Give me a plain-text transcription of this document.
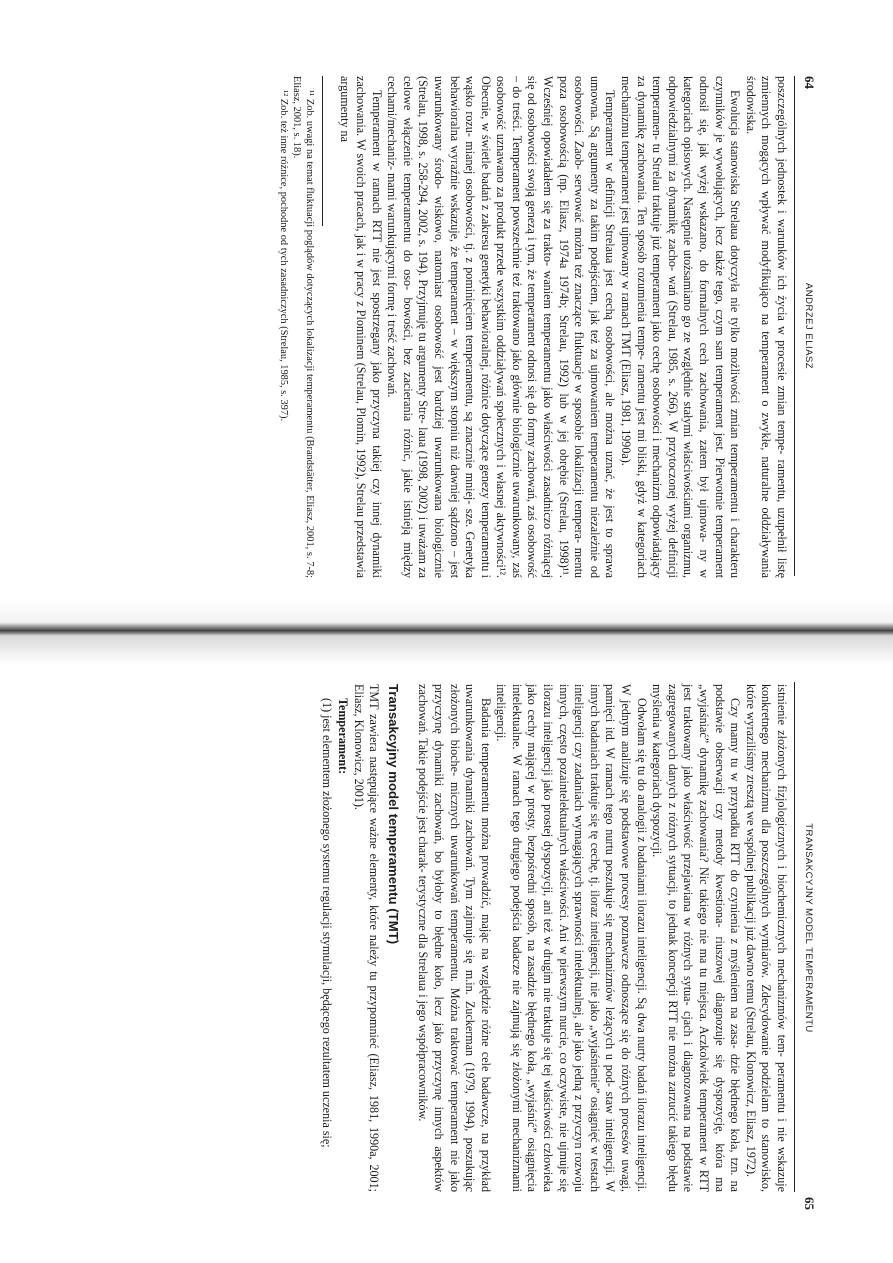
64
ANDRZEJ ELIASZ

poszczególnych jednostek i warunków ich życia w procesie zmian tempe- ramentu, uzupełnił listę zmiennych mogących wpływać modyfikująco na temperament o zwykłe, naturalne oddziaływania środowiska.

Ewolucja stanowiska Strelaua dotyczyła nie tylko możliwości zmian temperamentu i charakteru czynników je wywołujących, lecz także tego, czym sam temperament jest. Pierwotnie temperament odnosił się, jak wyżej wskazano, do formalnych cech zachowania, zatem był ujmowa- ny w kategoriach opisowych. Następnie utożsamiano go ze względnie stałymi właściwościami organizmu, odpowiedzialnymi za dynamikę zacho- wań (Strelau, 1985, s. 266). W przytoczonej wyżej definicji temperamen- tu Strelau traktuje już temperament jako cechę osobowości i mechanizm odpowiadający za dynamikę zachowania. Ten sposób rozumienia tempe- ramentu jest mi bliski, gdyż w kategoriach mechanizmu temperament jest ujmowany w ramach TMT (Eliasz, 1981, 1990a).

Temperament w definicji Strelaua jest cechą osobowości, ale można uznać, że jest to sprawa umowna. Są argumenty za takim podejściem, jak też za ujmowaniem temperamentu niezależnie od osobowości. Zaob- serwować można też znaczące fluktuacje w sposobie lokalizacji tempera- mentu poza osobowością (np. Eliasz, 1974a 1974b; Strelau, 1992) lub w jej obrębie (Strelau, 1998)¹¹. Wcześniej opowiadałem się za trakto- waniem temperamentu jako właściwości zasadniczo różniącej się od osobowości swoją genezą i tym, że temperament odnosi się do formy zachowań, zaś osobowość – do treści. Temperament powszechnie też traktowano jako głównie biologicznie uwarunkowany, zaś osobowość uznawano za produkt przede wszystkim oddziaływań społecznych i własnej aktywności¹². Obecnie, w świetle badań z zakresu genetyki behawioralnej, różnice dotyczące genezy temperamentu i wąsko rozu- mianej osobowości, tj. z pominięciem temperamentu, są znacznie mniej- sze. Genetyka behawioralna wyraźnie wskazuje, że temperament – w większym stopniu niż dawniej sądzono – jest uwarunkowany środo- wiskowo, natomiast osobowość jest bardziej uwarunkowana biologicznie (Strelau, 1998, s. 258-294, 2002, s. 194). Przyjmuję tu argumenty Stre- laua (1998, 2002) i uważam za celowe włączenie temperamentu do oso- bowości, bez zacierania różnic, jakie istnieją między cechami/mechaniz- mami warunkującymi formę i treść zachowań.

Temperament w ramach RTT nie jest spostrzegany jako przyczyna takiej czy innej dynamiki zachowania. W swoich pracach, jak i w pracy z Plominem (Strelau, Plomin, 1992), Strelau przedstawia argumenty na

¹¹ Zob. uwagi na temat fluktuacji poglądów dotyczących lokalizacji temperamentu (Brandstätter, Eliasz, 2001, s. 7-8; Eliasz, 2001, s. 18).

¹² Zob. też inne różnice, pochodne od tych zasadniczych (Strelau, 1985, s. 397).

TRANSAKCYJNY MODEL TEMPERAMENTU
65

istnienie złożonych fizjologicznych i biochemicznych mechanizmów tem- peramentu i nie wskazuje konkretnego mechanizmu dla poszczególnych wymiarów. Zdecydowanie podzielam to stanowisko, które wyraziliśmy zresztą we wspólnej publikacji już dawno temu (Strelau, Klonowicz, Eliasz, 1972).

Czy mamy tu w przypadku RTT do czynienia z myśleniem na zasa- dzie błędnego koła, tzn. na podstawie obserwacji czy metody kwestiona- riuszowej diagnozuje się dyspozycję, która ma „wyjaśniać” dynamikę zachowania? Nic takiego nie ma tu miejsca. Aczkolwiek temperament w RTT jest traktowany jako właściwość przejawiana w różnych sytua- cjach i diagnozowana na podstawie zagregowanych danych z różnych sytuacji, to jednak koncepcji RTT nie można zarzucić takiego błędu myślenia w kategoriach dyspozycji.

Odwołam się tu do analogii z badaniami ilorazu inteligencji. Są dwa nurty badań ilorazu inteligencji. W jednym analizuje się podstawowe procesy poznawcze odnoszące się do różnych procesów uwagi, pamięci itd. W ramach tego nurtu poszukuje się mechanizmów leżących u pod- staw inteligencji. W innych badaniach traktuje się tę cechę, tj. iloraz inteligencji, nie jako „wyjaśnienie” osiągnięć w testach inteligencji czy zadaniach wymagających sprawności intelektualnej, ale jako jedną z przyczyn rozwoju innych, często pozaintelektualnych właściwości. Ani w pierwszym nurcie, co oczywiste, nie ujmuje się ilorazu inteligencji jako prostej dyspozycji, ani też w drugim nie traktuje się tej właściwości człowieka jako cechy mającej w prosty, bezpośredni sposób, na zasadzie błędnego koła, „wyjaśnić” osiągnięcia intelektualne. W ramach tego drugiego podejścia badacze nie zajmują się złożonymi mechanizmami inteligencji.

Badania temperamentu można prowadzić, mając na względzie różne cele badawcze, na przykład uwarunkowania dynamiki zachowań. Tym zajmuje się m.in. Zuckerman (1979, 1994), poszukując złożonych bioche- micznych uwarunkowań temperamentu. Można traktować temperament nie jako przyczynę dynamiki zachowań, bo byłoby to błędne koło, lecz jako przyczynę innych aspektów zachowań. Takie podejście jest charak- terystyczne dla Strelaua i jego współpracowników.

Transakcyjny model temperamentu (TMT)

TMT zawiera następujące ważne elementy, które należy tu przypomnieć (Eliasz, 1981, 1990a, 2001; Eliasz, Klonowicz, 2001).

Temperament:

(1) jest elementem złożonego systemu regulacji stymulacji, będącego rezultatem uczenia się;
